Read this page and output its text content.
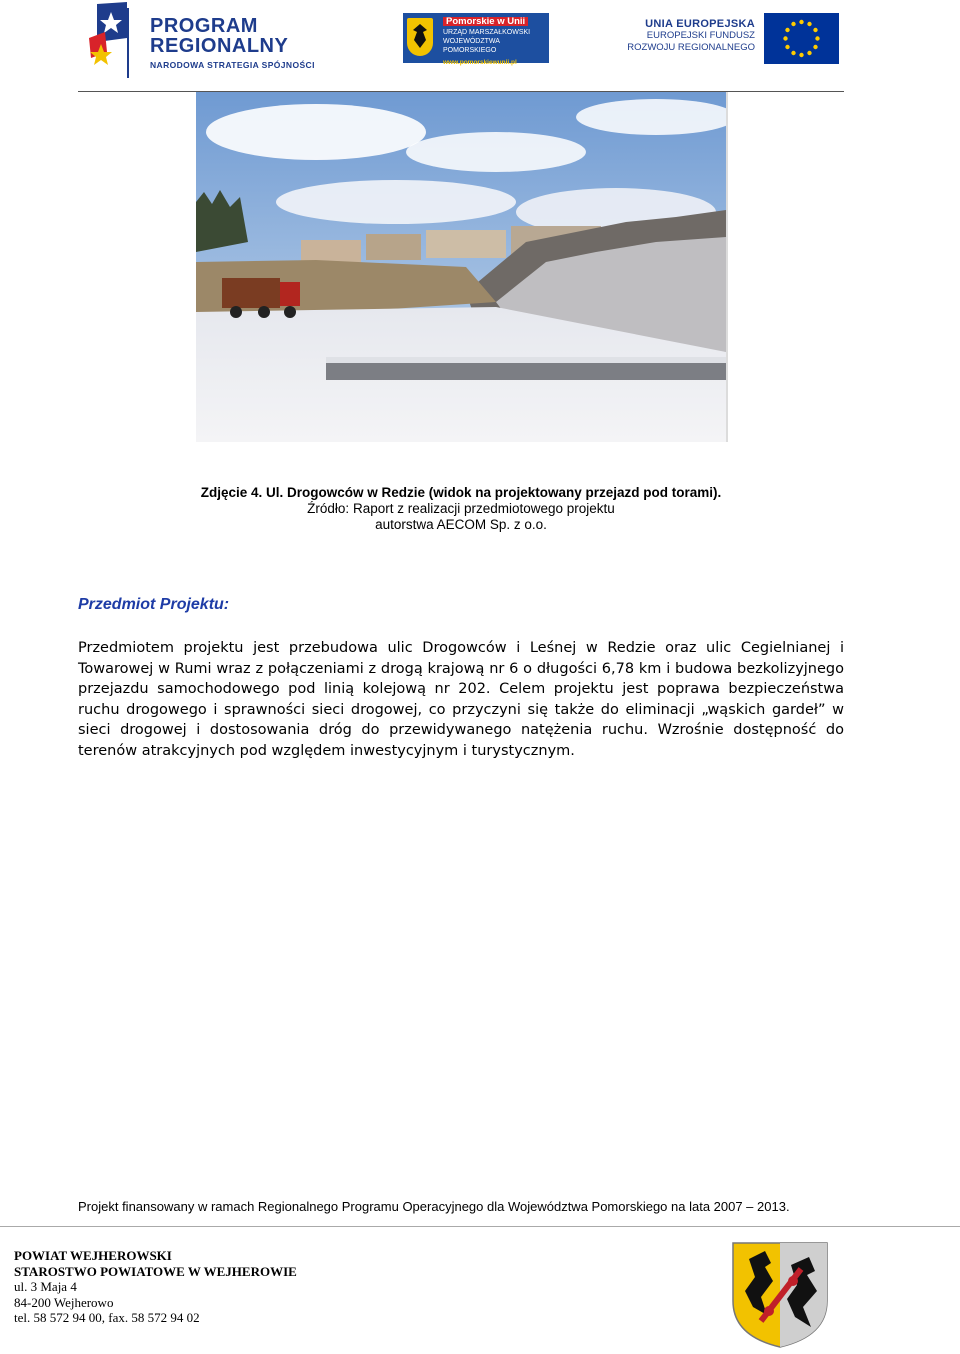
PROGRAM
REGIONALNY
NARODOWA STRATEGIA SPÓJNOŚCI
Pomorskie w Unii
URZĄD MARSZAŁKOWSKI
WOJEWÓDZTWA POMORSKIEGO
www.pomorskiewunii.pl
UNIA EUROPEJSKA
EUROPEJSKI FUNDUSZ
ROZWOJU REGIONALNEGO
Zdjęcie 4. Ul. Drogowców w Redzie (widok na projektowany przejazd pod torami).
Źródło: Raport z realizacji przedmiotowego projektu
autorstwa AECOM Sp. z o.o.
Przedmiot Projektu:
Przedmiotem projektu jest przebudowa ulic Drogowców i Leśnej w Redzie oraz ulic Cegielnianej i Towarowej w Rumi wraz z połączeniami z drogą krajową nr 6 o długości 6,78 km i budowa bezkolizyjnego przejazdu samochodowego pod linią kolejową nr 202. Celem projektu jest poprawa bezpieczeństwa ruchu drogowego i sprawności sieci drogowej, co przyczyni się także do eliminacji „wąskich gardeł” w sieci drogowej i dostosowania dróg do przewidywanego natężenia ruchu. Wzrośnie dostępność do terenów atrakcyjnych pod względem inwestycyjnym i turystycznym.
Projekt finansowany w ramach Regionalnego Programu Operacyjnego dla Województwa Pomorskiego na lata 2007 – 2013.
POWIAT WEJHEROWSKI
STAROSTWO POWIATOWE W WEJHEROWIE
ul. 3 Maja 4
84-200 Wejherowo
tel. 58 572 94 00, fax. 58 572 94 02
